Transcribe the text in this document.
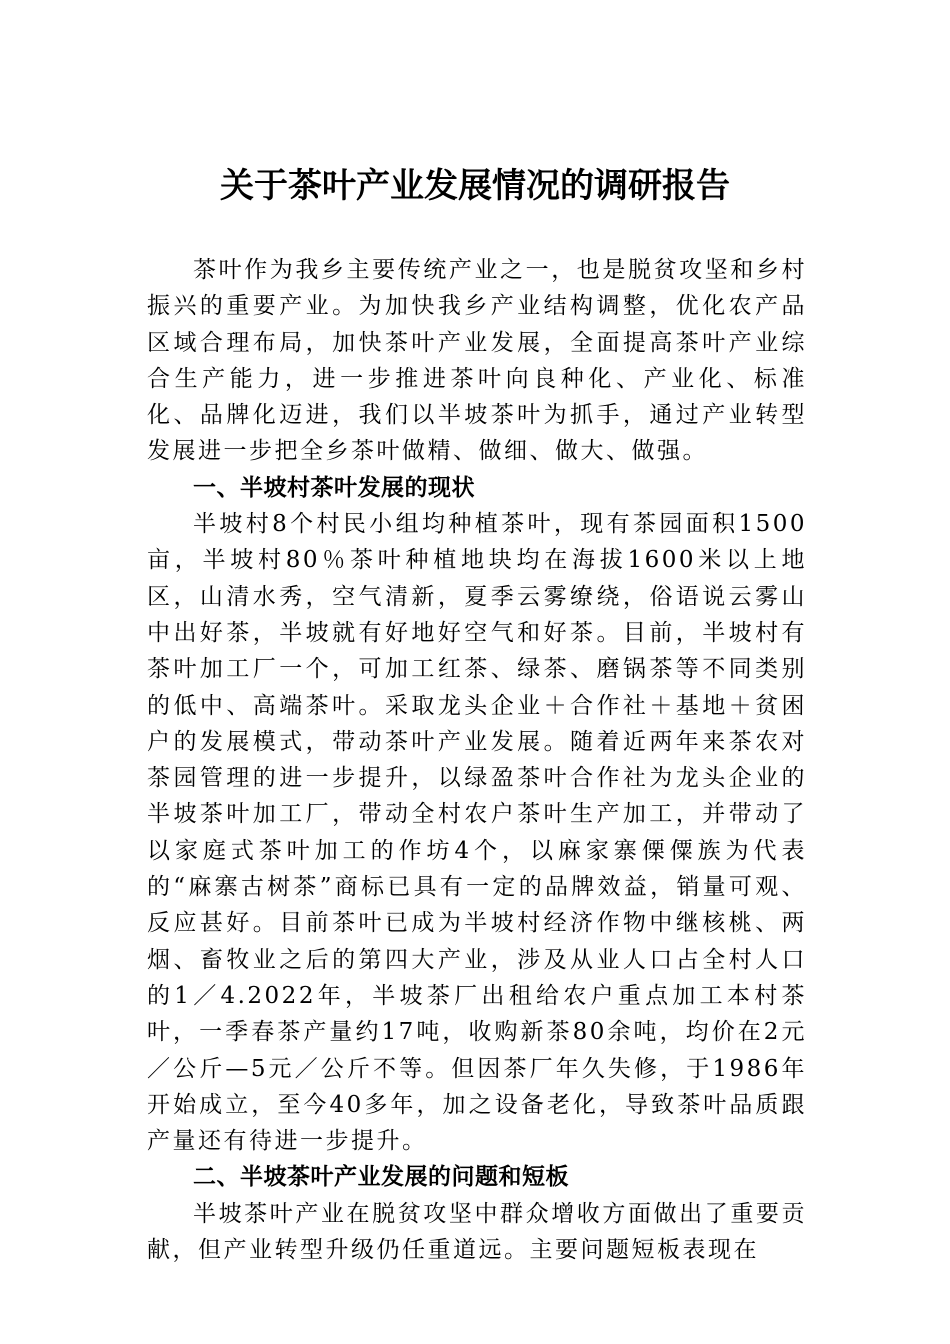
关于茶叶产业发展情况的调研报告

茶叶作为我乡主要传统产业之一，也是脱贫攻坚和乡村振兴的重要产业。为加快我乡产业结构调整，优化农产品区域合理布局，加快茶叶产业发展，全面提高茶叶产业综合生产能力，进一步推进茶叶向良种化、产业化、标准化、品牌化迈进，我们以半坡茶叶为抓手，通过产业转型发展进一步把全乡茶叶做精、做细、做大、做强。

一、半坡村茶叶发展的现状

半坡村8个村民小组均种植茶叶，现有茶园面积1500亩，半坡村80％茶叶种植地块均在海拔1600米以上地区，山清水秀，空气清新，夏季云雾缭绕，俗语说云雾山中出好茶，半坡就有好地好空气和好茶。目前，半坡村有茶叶加工厂一个，可加工红茶、绿茶、磨锅茶等不同类别的低中、高端茶叶。采取龙头企业＋合作社＋基地＋贫困户的发展模式，带动茶叶产业发展。随着近两年来茶农对茶园管理的进一步提升，以绿盈茶叶合作社为龙头企业的半坡茶叶加工厂，带动全村农户茶叶生产加工，并带动了以家庭式茶叶加工的作坊4个，以麻家寨傈僳族为代表的“麻寨古树茶”商标已具有一定的品牌效益，销量可观、反应甚好。目前茶叶已成为半坡村经济作物中继核桃、两烟、畜牧业之后的第四大产业，涉及从业人口占全村人口的1／4.2022年，半坡茶厂出租给农户重点加工本村茶叶，一季春茶产量约17吨，收购新茶80余吨，均价在2元／公斤—5元／公斤不等。但因茶厂年久失修，于1986年开始成立，至今40多年，加之设备老化，导致茶叶品质跟产量还有待进一步提升。

二、半坡茶叶产业发展的问题和短板

半坡茶叶产业在脱贫攻坚中群众增收方面做出了重要贡献，但产业转型升级仍任重道远。主要问题短板表现在
